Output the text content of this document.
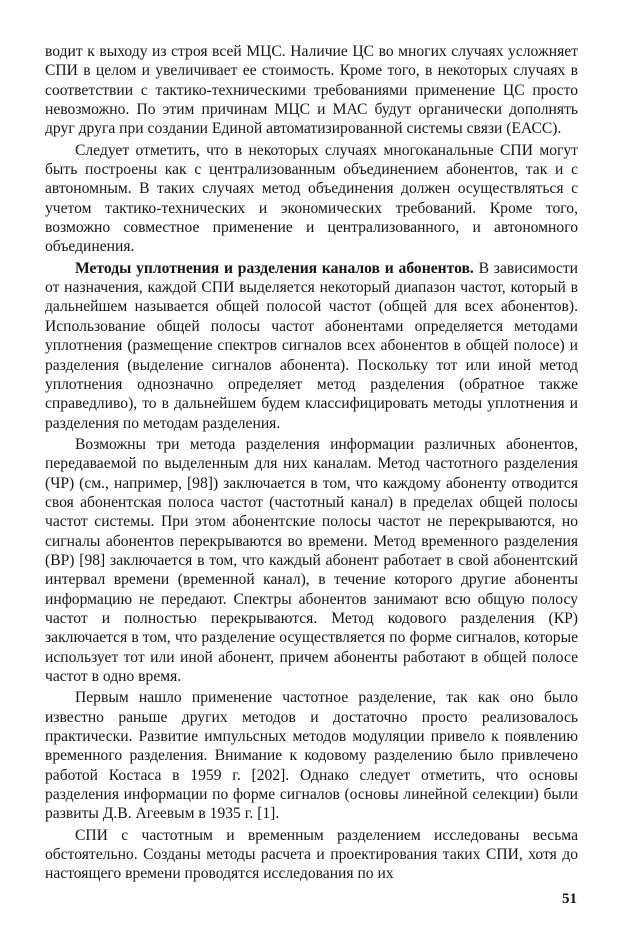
водит к выходу из строя всей МЦС. Наличие ЦС во многих случаях усложняет СПИ в целом и увеличивает ее стоимость. Кроме того, в некоторых случаях в соответствии с тактико-техническими требованиями применение ЦС просто невозможно. По этим причинам МЦС и МАС будут органически дополнять друг друга при создании Единой автоматизированной системы связи (ЕАСС).

Следует отметить, что в некоторых случаях многоканальные СПИ могут быть построены как с централизованным объединением абонентов, так и с автономным. В таких случаях метод объединения должен осуществляться с учетом тактико-технических и экономических требований. Кроме того, возможно совместное применение и централизованного, и автономного объединения.

Методы уплотнения и разделения каналов и абонентов. В зависимости от назначения, каждой СПИ выделяется некоторый диапазон частот, который в дальнейшем называется общей полосой частот (общей для всех абонентов). Использование общей полосы частот абонентами определяется методами уплотнения (размещение спектров сигналов всех абонентов в общей полосе) и разделения (выделение сигналов абонента). Поскольку тот или иной метод уплотнения однозначно определяет метод разделения (обратное также справедливо), то в дальнейшем будем классифицировать методы уплотнения и разделения по методам разделения.

Возможны три метода разделения информации различных абонентов, передаваемой по выделенным для них каналам. Метод частотного разделения (ЧР) (см., например, [98]) заключается в том, что каждому абоненту отводится своя абонентская полоса частот (частотный канал) в пределах общей полосы частот системы. При этом абонентские полосы частот не перекрываются, но сигналы абонентов перекрываются во времени. Метод временного разделения (ВР) [98] заключается в том, что каждый абонент работает в свой абонентский интервал времени (временной канал), в течение которого другие абоненты информацию не передают. Спектры абонентов занимают всю общую полосу частот и полностью перекрываются. Метод кодового разделения (КР) заключается в том, что разделение осуществляется по форме сигналов, которые использует тот или иной абонент, причем абоненты работают в общей полосе частот в одно время.

Первым нашло применение частотное разделение, так как оно было известно раньше других методов и достаточно просто реализовалось практически. Развитие импульсных методов модуляции привело к появлению временного разделения. Внимание к кодовому разделению было привлечено работой Костаса в 1959 г. [202]. Однако следует отметить, что основы разделения информации по форме сигналов (основы линейной селекции) были развиты Д.В. Агеевым в 1935 г. [1].

СПИ с частотным и временным разделением исследованы весьма обстоятельно. Созданы методы расчета и проектирования таких СПИ, хотя до настоящего времени проводятся исследования по их

51
